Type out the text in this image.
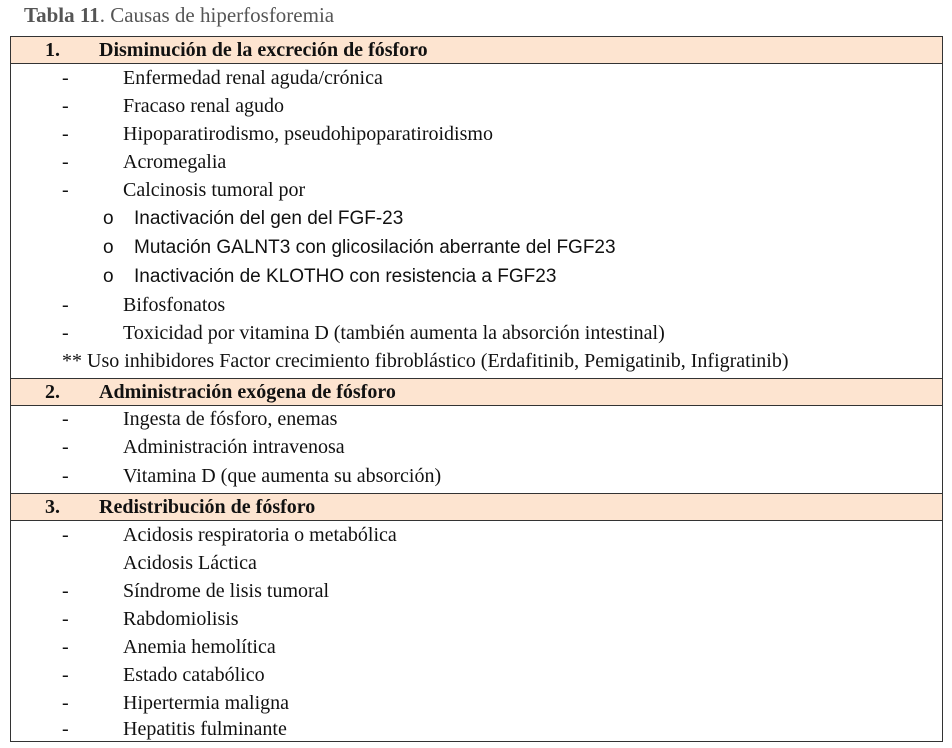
Tabla 11. Causas de hiperfosforemia
1. Disminución de la excreción de fósforo
-	Enfermedad renal aguda/crónica
-	Fracaso renal agudo
-	Hipoparatirodismo, pseudohipoparatiroidismo
-	Acromegalia
-	Calcinosis tumoral por
o Inactivación del gen del FGF-23
o Mutación GALNT3 con glicosilación aberrante del FGF23
o Inactivación de KLOTHO con resistencia a FGF23
-	Bifosfonatos
-	Toxicidad por vitamina D (también aumenta la absorción intestinal)
** Uso inhibidores Factor crecimiento fibroblástico (Erdafitinib, Pemigatinib, Infigratinib)
2. Administración exógena de fósforo
-	Ingesta de fósforo, enemas
-	Administración intravenosa
-	Vitamina D (que aumenta su absorción)
3. Redistribución de fósforo
-	Acidosis respiratoria o metabólica
Acidosis Láctica
-	Síndrome de lisis tumoral
-	Rabdomiolisis
-	Anemia hemolítica
-	Estado catabólico
-	Hipertermia maligna
-	Hepatitis fulminante
